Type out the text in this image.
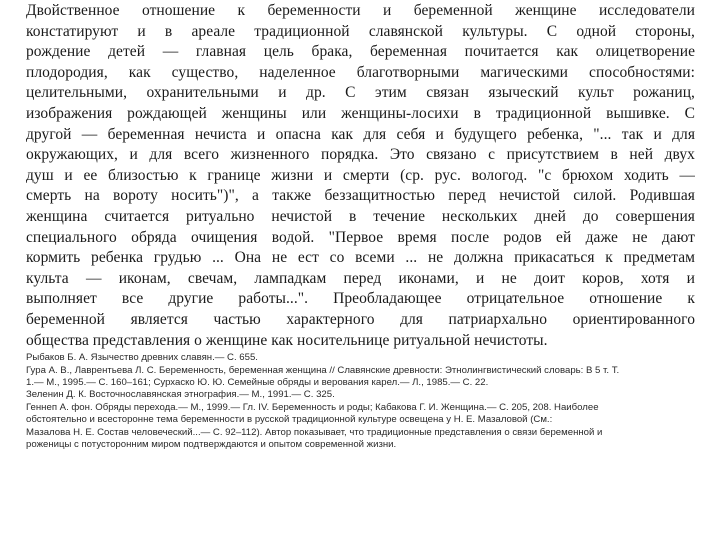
Двойственное отношение к беременности и беременной женщине исследователи
констатируют и в ареале традиционной славянской культуры. С одной стороны,
рождение детей — главная цель брака, беременная почитается как олицетворение
плодородия, как существо, наделенное благотворными магическими способностями:
целительными, охранительными и др. С этим связан языческий культ рожаниц,
изображения рождающей женщины или женщины-лосихи в традиционной вышивке. С
другой — беременная нечиста и опасна как для себя и будущего ребенка, "... так и для
окружающих, и для всего жизненного порядка. Это связано с присутствием в ней двух
душ и ее близостью к границе жизни и смерти (ср. рус. вологод. "с брюхом ходить —
смерть на вороту носить")", а также беззащитностью перед нечистой силой. Родившая
женщина считается ритуально нечистой в течение нескольких дней до совершения
специального обряда очищения водой. "Первое время после родов ей даже не дают
кормить ребенка грудью ... Она не ест со всеми ... не должна прикасаться к предметам
культа — иконам, свечам, лампадкам перед иконами, и не доит коров, хотя и
выполняет все другие работы...". Преобладающее отрицательное отношение к
беременной является частью характерного для патриархально ориентированного
общества представления о женщине как носительнице ритуальной нечистоты.
Рыбаков Б. А. Язычество древних славян.— С. 655.
Гура А. В., Лаврентьева Л. С. Беременность, беременная женщина // Славянские древности: Этнолингвистический словарь: В 5 т. Т.
1.— М., 1995.— С. 160–161; Сурхаско Ю. Ю. Семейные обряды и верования карел.— Л., 1985.— С. 22.
Зеленин Д. К. Восточнославянская этнография.— М., 1991.— С. 325.
Геннеп А. фон. Обряды перехода.— М., 1999.— Гл. IV. Беременность и роды; Кабакова Г. И. Женщина.— С. 205, 208. Наиболее
обстоятельно и всесторонне тема беременности в русской традиционной культуре освещена у Н. Е. Мазаловой (См.:
Мазалова Н. Е. Состав человеческий...— С. 92–112). Автор показывает, что традиционные представления о связи беременной и
роженицы с потусторонним миром подтверждаются и опытом современной жизни.
